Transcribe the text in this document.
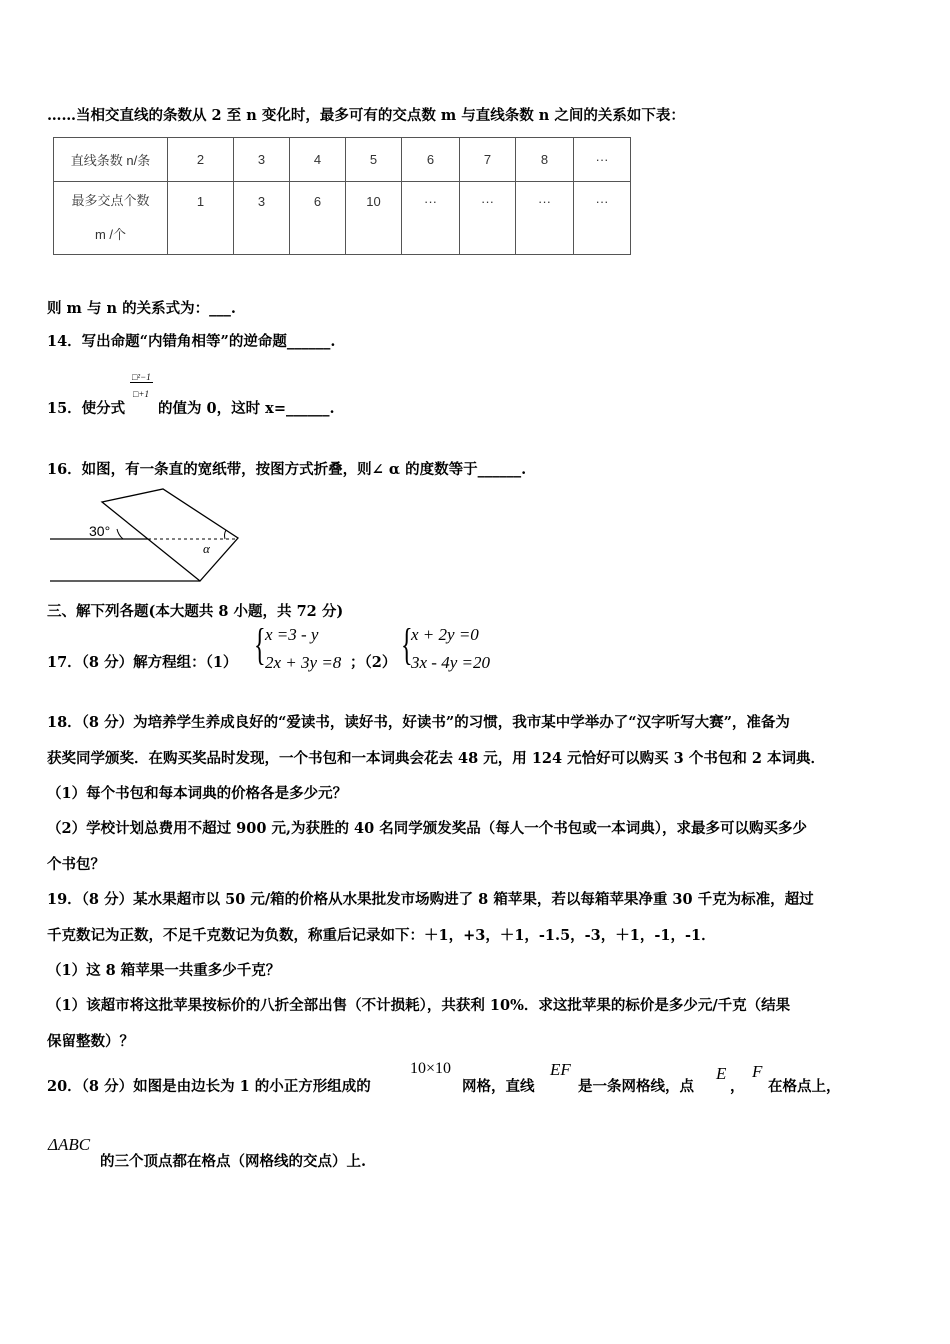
……当相交直线的条数从 2 至 n 变化时，最多可有的交点数 m 与直线条数 n 之间的关系如下表：
直线条数 n/条	2	3	4	5	6	7	8	···

最多交点个数
m /个	1	3	6	10	···	···	···	···
则 m 与 n 的关系式为：___.
14．写出命题“内错角相等”的逆命题______.
15．使分式
□²−1
□+1
的值为 0，这时 x=______.
16．如图，有一条直的宽纸带，按图方式折叠，则∠ α 的度数等于______.
30°
α
三、解下列各题(本大题共 8 小题，共 72 分)
17．（8 分）解方程组：（1） { x =3 - y
2x + 3y =8 ；（2） {
x + 2y =0
3x - 4y =20
18．（8 分）为培养学生养成良好的“爱读书，读好书，好读书”的习惯，我市某中学举办了“汉字听写大赛”，准备为
获奖同学颁奖．在购买奖品时发现，一个书包和一本词典会花去 48 元，用 124 元恰好可以购买 3 个书包和 2 本词典．
（1）每个书包和每本词典的价格各是多少元？
（2）学校计划总费用不超过 900 元,为获胜的 40 名同学颁发奖品（每人一个书包或一本词典），求最多可以购买多少
个书包？
19．（8 分）某水果超市以 50 元/箱的价格从水果批发市场购进了 8 箱苹果，若以每箱苹果净重 30 千克为标准，超过
千克数记为正数，不足千克数记为负数，称重后记录如下：＋1，+3，＋1，-1.5，-3，＋1，-1，-1．
（1）这 8 箱苹果一共重多少千克？
（1）该超市将这批苹果按标价的八折全部出售（不计损耗），共获利 10%．求这批苹果的标价是多少元/千克（结果
保留整数）？
20．（8 分）如图是由边长为 1 的小正方形组成的
10×10
网格，直线
EF
是一条网格线，点
E
，
F
在格点上，
ΔABC
的三个顶点都在格点（网格线的交点）上.
